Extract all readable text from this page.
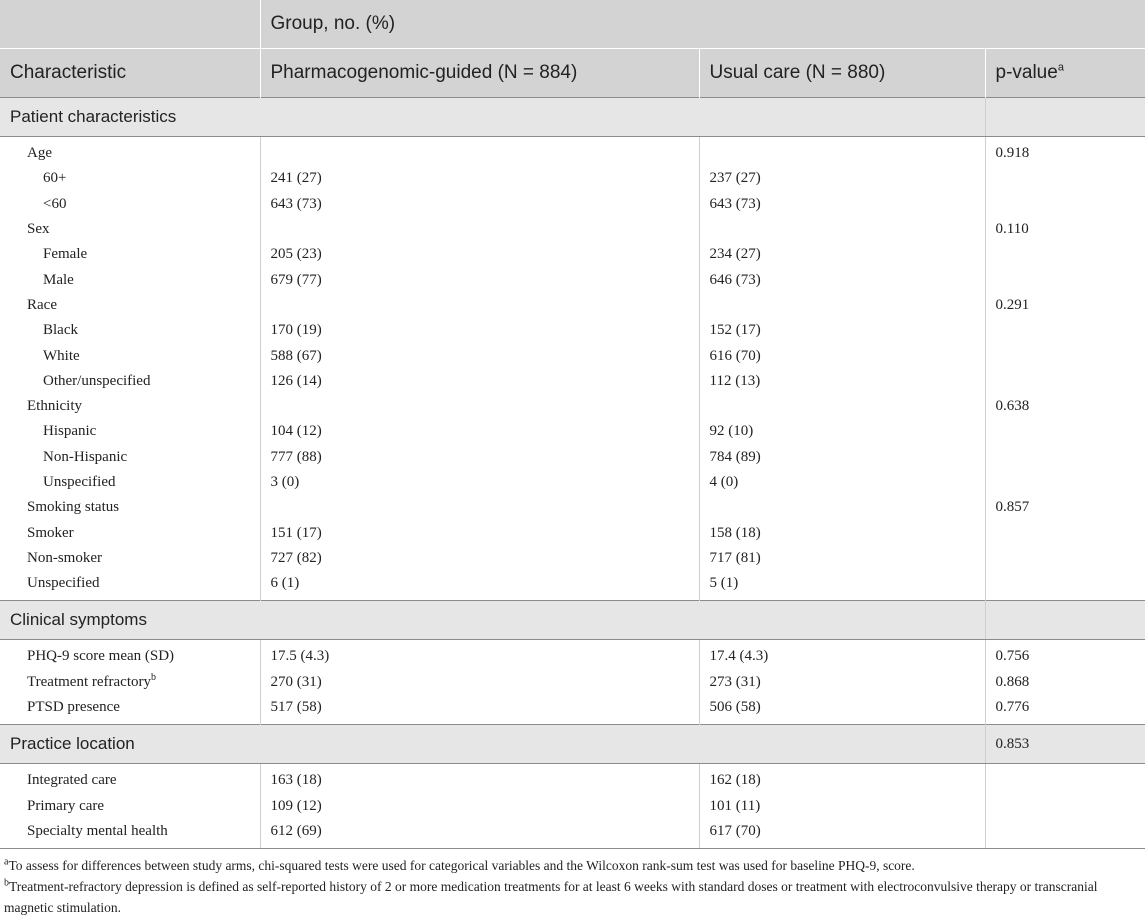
	Group, no. (%)		
Characteristic	Pharmacogenomic-guided (N = 884)	Usual care (N = 880)	p-value$^a$
Patient characteristics			
Age			0.918
60+	241 (27)	237 (27)	
<60	643 (73)	643 (73)	
Sex			0.110
Female	205 (23)	234 (27)	
Male	679 (77)	646 (73)	
Race			0.291
Black	170 (19)	152 (17)	
White	588 (67)	616 (70)	
Other/unspecified	126 (14)	112 (13)	
Ethnicity			0.638
Hispanic	104 (12)	92 (10)	
Non-Hispanic	777 (88)	784 (89)	
Unspecified	3 (0)	4 (0)	
Smoking status			0.857
Smoker	151 (17)	158 (18)	
Non-smoker	727 (82)	717 (81)	
Unspecified	6 (1)	5 (1)	
Clinical symptoms			
PHQ-9 score mean (SD)	17.5 (4.3)	17.4 (4.3)	0.756
Treatment refractory$^b$	270 (31)	273 (31)	0.868
PTSD presence	517 (58)	506 (58)	0.776
Practice location			0.853
Integrated care	163 (18)	162 (18)	
Primary care	109 (12)	101 (11)	
Specialty mental health	612 (69)	617 (70)	

$^a$To assess for differences between study arms, chi-squared tests were used for categorical variables and the Wilcoxon rank-sum test was used for baseline PHQ-9, score.

$^b$Treatment-refractory depression is defined as self-reported history of 2 or more medication treatments for at least 6 weeks with standard doses or treatment with electroconvulsive therapy or transcranial magnetic stimulation.
